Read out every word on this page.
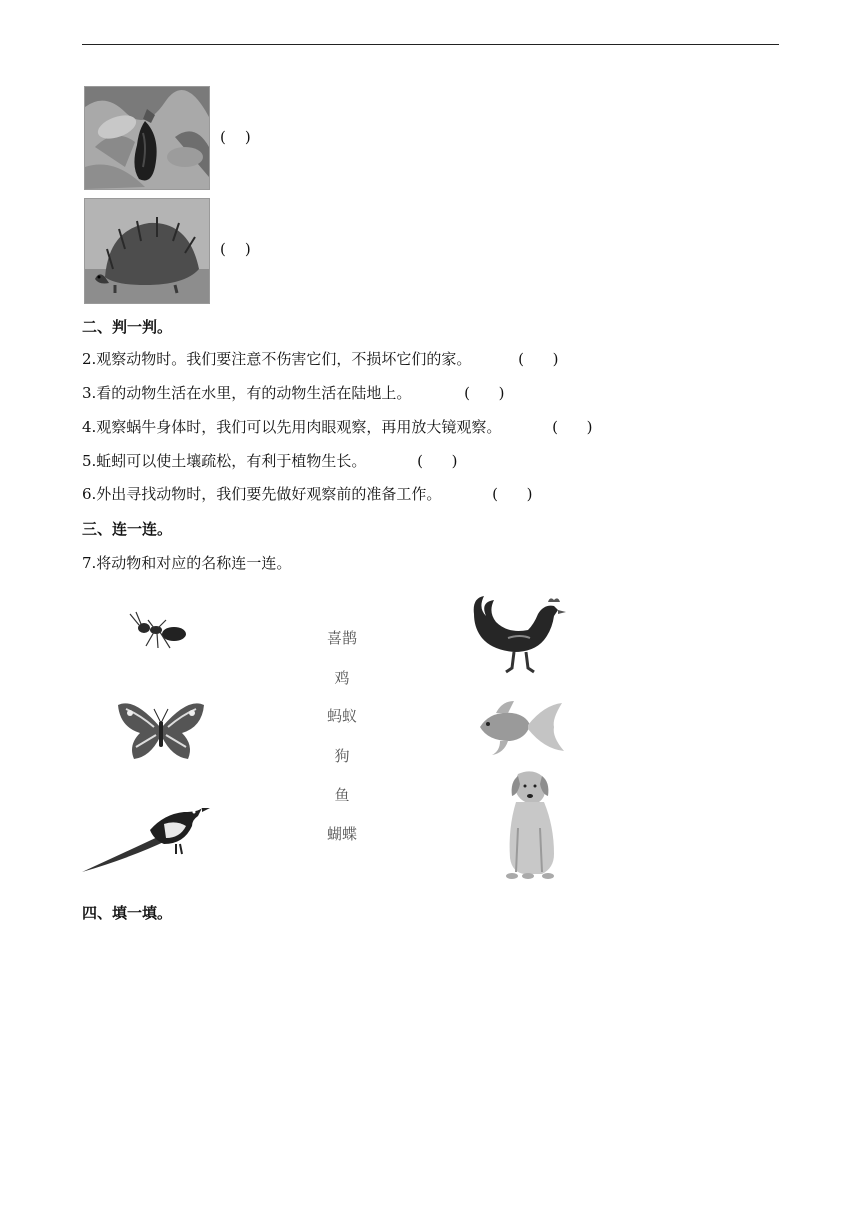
(    )
(    )
二、判一判。
2.观察动物时。我们要注意不伤害它们，不损坏它们的家。	(      )
3.看的动物生活在水里，有的动物生活在陆地上。	(      )
4.观察蜗牛身体时，我们可以先用肉眼观察，再用放大镜观察。	(      )
5.蚯蚓可以使土壤疏松，有利于植物生长。	(      )
6.外出寻找动物时，我们要先做好观察前的准备工作。	(      )
三、连一连。
7.将动物和对应的名称连一连。
喜鹊
鸡
蚂蚁
狗
鱼
蝴蝶
四、填一填。
